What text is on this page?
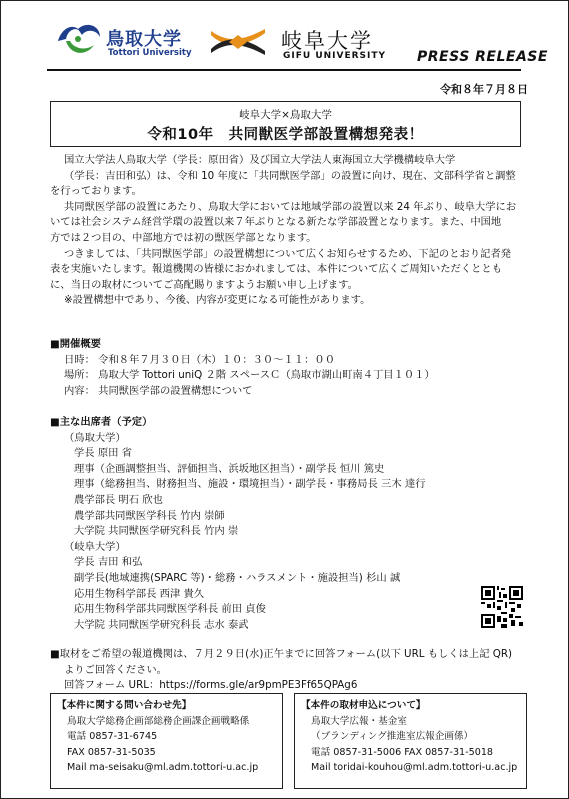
鳥取大学
Tottori University	岐阜大学
GIFU UNIVERSITY PRESS RELEASE
令和８年７月８日
岐阜大学×鳥取大学
令和10年　共同獣医学部設置構想発表！

国立大学法人鳥取大学（学長：原田省）及び国立大学法人東海国立大学機構岐阜大学

（学長：吉田和弘）は、令和 10 年度に「共同獣医学部」の設置に向け、現在、文部科学省と調整

を行っております。

共同獣医学部の設置にあたり、鳥取大学においては地域学部の設置以来 24 年ぶり、岐阜大学にお

いては社会システム経営学環の設置以来７年ぶりとなる新たな学部設置となります。また、中国地

方では２つ目の、中部地方では初の獣医学部となります。

つきましては、「共同獣医学部」の設置構想について広くお知らせするため、下記のとおり記者発

表を実施いたします。報道機関の皆様におかれましては、本件について広くご周知いただくととも

に、当日の取材についてご高配賜りますようお願い申し上げます。

※設置構想中であり、今後、内容が変更になる可能性があります。

■開催概要
日時： 令和８年７月３０日（木）１０：３０～１１：００
場所： 鳥取大学 Tottori uniQ ２階 スペースＣ（鳥取市湖山町南４丁目１０１）
内容： 共同獣医学部の設置構想について
■主な出席者（予定）
（鳥取大学）
学長 原田 省
理事（企画調整担当、評価担当、浜坂地区担当）・副学長 恒川 篤史
理事（総務担当、財務担当、施設・環境担当）・副学長・事務局長 三木 達行
農学部長 明石 欣也
農学部共同獣医学科長 竹内 崇師
大学院 共同獣医学研究科長 竹内 崇
（岐阜大学）
学長 吉田 和弘
副学長(地域連携(SPARC 等)・総務・ハラスメント・施設担当) 杉山 誠
応用生物科学部長 西津 貴久
応用生物科学部共同獣医学科長 前田 貞俊
大学院 共同獣医学研究科長 志水 泰武
■取材をご希望の報道機関は、７月２９日(水)正午までに回答フォーム(以下 URL もしくは上記 QR)
よりご回答ください。
回答フォーム URL：https://forms.gle/ar9pmPE3Ff65QPAg6
【本件に関する問い合わせ先】
鳥取大学総務企画部総務企画課企画戦略係
電話 0857-31-6745
FAX 0857-31-5035
Mail ma-seisaku@ml.adm.tottori-u.ac.jp
【本件の取材申込について】
鳥取大学広報・基金室
（ブランディング推進室広報企画係）
電話 0857-31-5006 FAX 0857-31-5018
Mail toridai-kouhou@ml.adm.tottori-u.ac.jp
